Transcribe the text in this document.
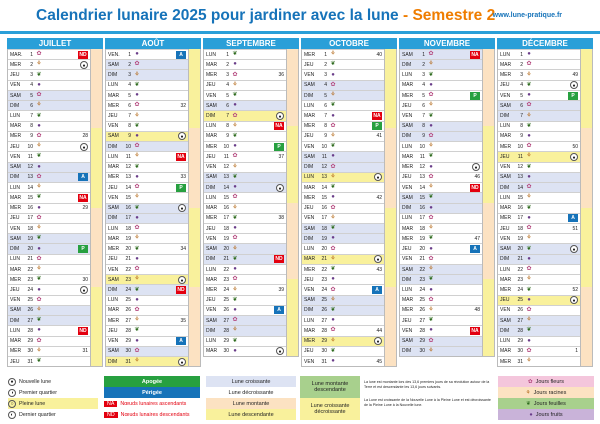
Calendrier lunaire 2025 pour jardiner avec la lune - Semestre 2
www.lune-pratique.fr
JUILLET
MAR.	1 ✿	ND
MER	2 ⚘	●
JEU	3 ❦
VEN	4 ●
SAM	5 ✿
DIM	6 ⚘
LUN	7 ❦
MAR	8 ●
MER	9 ✿	28
JEU	10 ⚘	●
VEN	11 ❦
SAM	12 ●
DIM	13 ✿	A
LUN	14 ⚘
MAR	15 ❦	NA
MER	16 ●	29
JEU	17 ✿
VEN	18 ⚘
SAM	19 ❦
DIM	20 ●	P
LUN	21 ✿
MAR	22 ⚘
MER	23 ❦	30
JEU	24 ●	●
VEN	25 ✿
SAM	26 ⚘
DIM	27 ❦
LUN	28 ●	ND
MAR	29 ✿
MER	30 ⚘	31
JEU	31 ❦
AOÛT
VEN.	1 ●	A
SAM	2 ✿
DIM	3 ⚘
LUN	4 ❦
MAR	5 ●
MER	6 ✿	32
JEU	7 ⚘
VEN	8 ❦
SAM	9 ●	●
DIM	10 ✿
LUN	11 ⚘	NA
MAR	12 ❦
MER	13 ●	33
JEU	14 ✿	P
VEN	15 ⚘
SAM	16 ❦	●
DIM	17 ●
LUN	18 ✿
MAR	19 ⚘
MER	20 ❦	34
JEU	21 ●
VEN	22 ✿
SAM	23 ⚘	●
DIM	24 ❦	ND
LUN	25 ●
MAR	26 ✿
MER	27 ⚘	35
JEU	28 ❦
VEN	29 ●	A
SAM	30 ✿
DIM	31 ⚘	●
SEPTEMBRE
LUN	1 ❦
MAR	2 ●
MER	3 ✿	36
JEU	4 ⚘
VEN	5 ❦
SAM	6 ●
DIM	7 ✿	●
LUN	8 ⚘	NA
MAR	9 ❦
MER	10 ●	P
JEU	11 ✿	37
VEN	12 ⚘
SAM	13 ❦
DIM	14 ●	●
LUN	15 ✿
MAR	16 ⚘
MER	17 ❦	38
JEU	18 ●
VEN	19 ✿
SAM	20 ⚘
DIM	21 ❦	ND
LUN	22 ●
MAR	23 ✿
MER	24 ⚘	39
JEU	25 ❦
VEN	26 ●	A
SAM	27 ✿
DIM	28 ⚘
LUN	29 ❦
MAR	30 ●	●
OCTOBRE
MER	1 ⚘	40
JEU	2 ❦
VEN	3 ●
SAM	4 ✿
DIM	5 ⚘
LUN	6 ❦
MAR	7 ●	NA
MER	8 ✿	P
JEU	9 ⚘	41
VEN	10 ❦
SAM	11 ●
DIM	12 ✿
LUN	13 ⚘	●
MAR	14 ❦
MER	15 ●	42
JEU	16 ✿
VEN	17 ⚘
SAM	18 ❦
DIM	19 ●
LUN	20 ✿
MAR	21 ⚘	●
MER	22 ❦	43
JEU	23 ●
VEN	24 ✿	A
SAM	25 ⚘
DIM	26 ❦
LUN	27 ●
MAR	28 ✿	44
MER	29 ⚘	●
JEU	30 ❦
VEN	31 ●	45
NOVEMBRE
SAM	1 ✿	NA
DIM	2 ⚘
LUN	3 ❦
MAR	4 ●
MER	5 ✿	P
JEU	6 ⚘
VEN	7 ❦
SAM	8 ●
DIM	9 ✿
LUN	10 ⚘
MAR	11 ❦
MER	12 ●	●
JEU	13 ✿	46
VEN	14 ⚘	ND
SAM	15 ❦
DIM	16 ●
LUN	17 ✿
MAR	18 ⚘
MER	19 ❦	47
JEU	20 ●	A
VEN	21 ✿
SAM	22 ⚘
DIM	23 ❦
LUN	24 ●
MAR	25 ✿
MER	26 ⚘	48
JEU	27 ❦
VEN	28 ●	NA
SAM	29 ✿
DIM	30 ⚘
DÉCEMBRE
LUN	1 ●
MAR	2 ✿
MER	3 ⚘	49
JEU	4 ❦	●
VEN	5 ●	P
SAM	6 ✿
DIM	7 ⚘
LUN	8 ❦
MAR	9 ●
MER	10 ✿	50
JEU	11 ⚘	●
VEN	12 ❦
SAM	13 ●
DIM	14 ✿
LUN	15 ⚘
MAR	16 ❦
MER	17 ●	A
JEU	18 ✿	51
VEN	19 ⚘
SAM	20 ❦	●
DIM	21 ●
LUN	22 ✿
MAR	23 ⚘
MER	24 ❦	52
JEU	25 ●	●
VEN	26 ✿
SAM	27 ⚘
DIM	28 ❦
LUN	29 ●
MAR	30 ✿	1
MER	31 ⚘
●	Nouvelle lune
◑	Premier quartier
○	Pleine lune
◐	Dernier quartier
Apogée
Périgée
NA	Nœuds lunaires ascendants
ND	Nœuds lunaires descendants
Lune croissante
Lune décroissante
Lune montante
Lune descendante
Lune montante
descendante
Lune croissante
décroissante
La lune est montante lors des 13,6 premiers jours de sa révolution autour de la Terre et est descendante les 13,6 jours suivants.
La Lune est croissante de la Nouvelle Lune à la Pleine Lune et est décroissante de la Pleine Lune à la Nouvelle lune.
✿ Jours fleurs
⚘ Jours racines
❦ Jours feuilles
● Jours fruits
